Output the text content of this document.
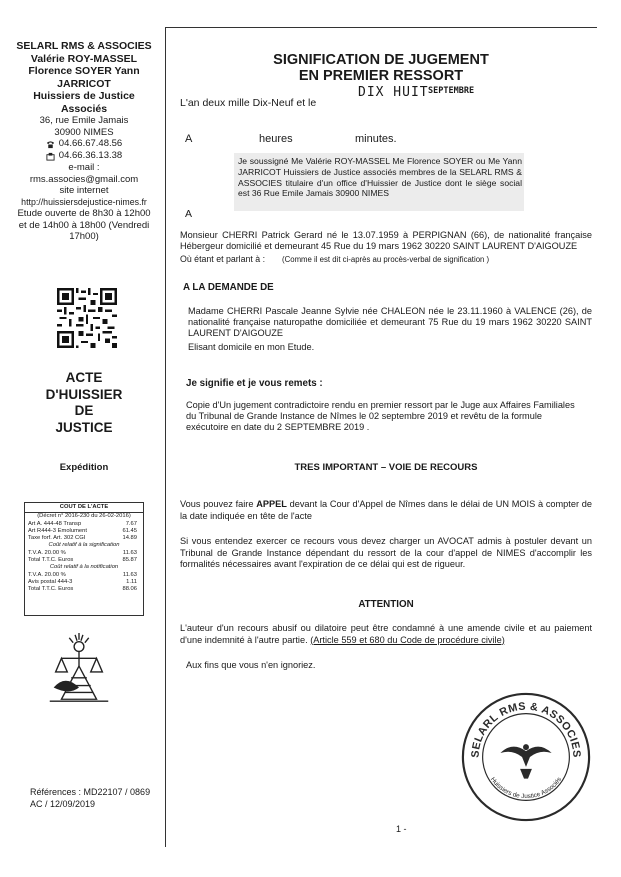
SELARL RMS & ASSOCIES
Valérie ROY-MASSEL
Florence SOYER Yann
JARRICOT
Huissiers de Justice
Associés
36, rue Emile Jamais
30900 NIMES
04.66.67.48.56
04.66.36.13.38
e-mail :
rms.associes@gmail.com
site internet
http://huissiersdejustice-nimes.fr
Etude ouverte de 8h30 à 12h00
et de 14h00 à 18h00 (Vendredi
17h00)
ACTE
D'HUISSIER
DE
JUSTICE
Expédition
COUT DE L'ACTE
(Décret n° 2016-230 du 26-02-2016)
Art A. 444-48 Transp	7.67
Art R444-3 Emolument	61.45
Taxe forf. Art. 302 CGI	14.89
Coût relatif à la signification
T.V.A. 20.00 %	11.63
Total T.T.C. Euros	85.87
Coût relatif à la notification
T.V.A. 20.00 %	11.63
Avis postal 444-3	1.11
Total T.T.C. Euros	88.06
Références : MD22107 / 0869
AC / 12/09/2019
SIGNIFICATION DE JUGEMENT
EN PREMIER RESSORT
L'an deux mille Dix-Neuf et le
DIX HUIT SEPTEMBRE
A	heures	minutes.
Je soussigné Me Valérie ROY-MASSEL Me Florence SOYER ou Me Yann JARRICOT Huissiers de Justice associés membres de la SELARL RMS & ASSOCIES titulaire d'un office d'Huissier de Justice dont le siège social est 36 Rue Emile Jamais 30900 NIMES
A
Monsieur CHERRI Patrick Gerard né le 13.07.1959 à PERPIGNAN (66), de nationalité française Hébergeur domicilié et demeurant 45 Rue du 19 mars 1962 30220 SAINT LAURENT D'AIGOUZE
Où étant et parlant à : (Comme il est dit ci-après au procès-verbal de signification )
A LA DEMANDE DE
Madame CHERRI Pascale Jeanne Sylvie née CHALEON née le 23.11.1960 à VALENCE (26), de nationalité française naturopathe domiciliée et demeurant 75 Rue du 19 mars 1962 30220 SAINT LAURENT D'AIGOUZE
Elisant domicile en mon Etude.
Je signifie et je vous remets :
Copie d'Un jugement contradictoire rendu en premier ressort par le Juge aux Affaires Familiales du Tribunal de Grande Instance de Nîmes le 02 septembre 2019 et revêtu de la formule exécutoire en date du 2 SEPTEMBRE 2019 .
TRES IMPORTANT – VOIE DE RECOURS
Vous pouvez faire APPEL devant la Cour d'Appel de Nîmes dans le délai de UN MOIS à compter de la date indiquée en tête de l'acte
Si vous entendez exercer ce recours vous devez charger un AVOCAT admis à postuler devant un Tribunal de Grande Instance dépendant du ressort de la cour d'appel de NIMES d'accomplir les formalités nécessaires avant l'expiration de ce délai qui est de rigueur.
ATTENTION
L'auteur d'un recours abusif ou dilatoire peut être condamné à une amende civile et au paiement d'une indemnité à l'autre partie. (Article 559 et 680 du Code de procédure civile)
Aux fins que vous n'en ignoriez.
SELARL RMS & ASSOCIES
Huissiers de Justice Associés
1 -
